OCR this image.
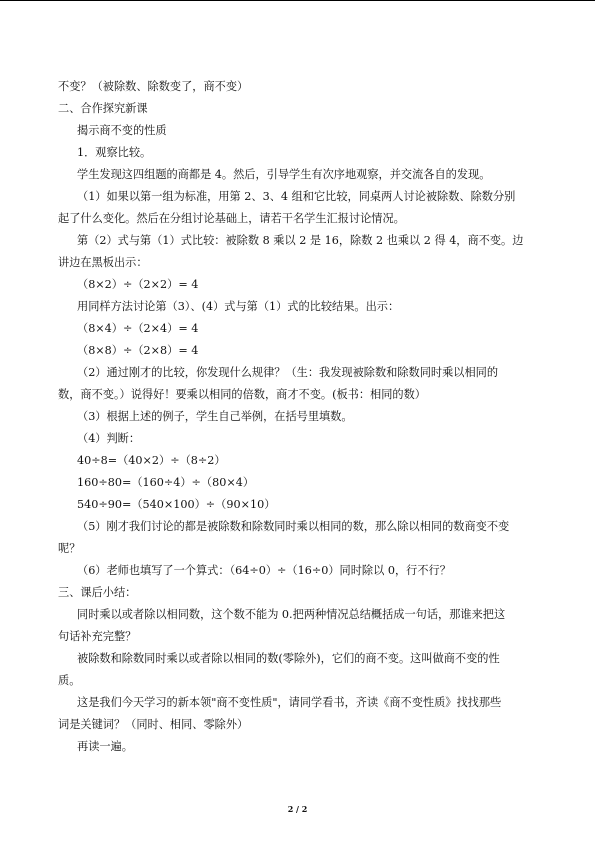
不变？（被除数、除数变了，商不变）
二、合作探究新课
揭示商不变的性质
1．观察比较。
学生发现这四组题的商都是 4。然后，引导学生有次序地观察，并交流各自的发现。
（1）如果以第一组为标准，用第 2、3、4 组和它比较，同桌两人讨论被除数、除数分别
起了什么变化。然后在分组讨论基础上，请若干名学生汇报讨论情况。
第（2）式与第（1）式比较：被除数 8 乘以 2 是 16，除数 2 也乘以 2 得 4，商不变。边
讲边在黑板出示：
（8×2）÷（2×2）= 4
用同样方法讨论第（3）、(4）式与第（1）式的比较结果。出示：
（8×4）÷（2×4）= 4
（8×8）÷（2×8）= 4
（2）通过刚才的比较，你发现什么规律？（生：我发现被除数和除数同时乘以相同的
数，商不变。）说得好！要乘以相同的倍数，商才不变。(板书：相同的数）
（3）根据上述的例子，学生自己举例，在括号里填数。
（4）判断：
40÷8=（40×2）÷（8÷2）
160÷80=（160÷4）÷（80×4）
540÷90=（540×100）÷（90×10）
（5）刚才我们讨论的都是被除数和除数同时乘以相同的数，那么除以相同的数商变不变
呢？
（6）老师也填写了一个算式：（64÷0）÷（16÷0）同时除以 0，行不行？
三、课后小结：
同时乘以或者除以相同数，这个数不能为 0.把两种情况总结概括成一句话，那谁来把这
句话补充完整？
被除数和除数同时乘以或者除以相同的数(零除外)，它们的商不变。这叫做商不变的性
质。
这是我们今天学习的新本领"商不变性质"，请同学看书，齐读《商不变性质》找找那些
词是关键词？（同时、相同、零除外）
再读一遍。
2 / 2
